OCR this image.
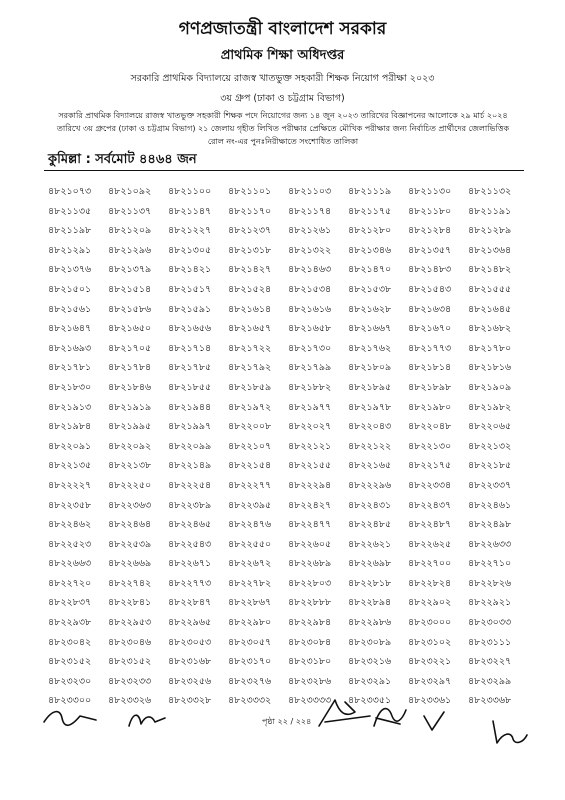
গণপ্রজাতন্ত্রী বাংলাদেশ সরকার
প্রাথমিক শিক্ষা অধিদপ্তর
সরকারি প্রাথমিক বিদ্যালয়ে রাজস্ব খাতভুক্ত সহকারী শিক্ষক নিয়োগ পরীক্ষা ২০২৩
৩য় গ্রুপ (ঢাকা ও চট্টগ্রাম বিভাগ)
সরকারি প্রাথমিক বিদ্যালয়ে রাজস্ব খাতভুক্ত সহকারী শিক্ষক পদে নিয়োগের জন্য ১৪ জুন ২০২৩ তারিখের বিজ্ঞাপনের আলোকে ২৯ মার্চ ২০২৪ তারিখে ৩য় গ্রুপের (ঢাকা ও চট্টগ্রাম বিভাগ) ২১ জেলায় গৃহীত লিখিত পরীক্ষার প্রেক্ষিতে মৌখিক পরীক্ষার জন্য নির্বাচিত প্রার্থীদের জেলাভিত্তিক রোল নং-এর পুনঃনিরীক্ষাতে সংশোধিত তালিকা
কুমিল্লা : সর্বমোট ৪৪৬৪ জন
৪৮২১০৭৩	৪৮২১০৯২	৪৮২১১০০	৪৮২১১০১	৪৮২১১০৩	৪৮২১১১৯	৪৮২১১৩০	৪৮২১১৩২
৪৮২১১৩৫	৪৮২১১৩৭	৪৮২১১৪৭	৪৮২১১৭০	৪৮২১১৭৪	৪৮২১১৭৫	৪৮২১১৮০	৪৮২১১৯১
৪৮২১১৯৮	৪৮২১২০৯	৪৮২১২২৭	৪৮২১২৩৭	৪৮২১২৬১	৪৮২১২৮০	৪৮২১২৮৪	৪৮২১২৮৯
৪৮২১২৯১	৪৮২১২৯৬	৪৮২১৩০৫	৪৮২১৩১৮	৪৮২১৩২২	৪৮২১৩৪৬	৪৮২১৩৫৭	৪৮২১৩৬৪
৪৮২১৩৭৬	৪৮২১৩৭৯	৪৮২১৪২১	৪৮২১৪২৭	৪৮২১৪৬৩	৪৮২১৪৭০	৪৮২১৪৮৩	৪৮২১৪৮২
৪৮২১৫০১	৪৮২১৫১৪	৪৮২১৫১৭	৪৮২১৫২৪	৪৮২১৫৩৪	৪৮২১৫৩৮	৪৮২১৫৪৩	৪৮২১৫৫৫
৪৮২১৫৬১	৪৮২১৫৮৬	৪৮২১৫৯১	৪৮২১৬১৪	৪৮২১৬১৬	৪৮২১৬২৮	৪৮২১৬৩৪	৪৮২১৬৪৫
৪৮২১৬৪৭	৪৮২১৬৫০	৪৮২১৬৫৬	৪৮২১৬৫৭	৪৮২১৬৫৮	৪৮২১৬৬৭	৪৮২১৬৭০	৪৮২১৬৮২
৪৮২১৬৯৩	৪৮২১৭০৫	৪৮২১৭১৪	৪৮২১৭২২	৪৮২১৭৩০	৪৮২১৭৬২	৪৮২১৭৭৩	৪৮২১৭৮০
৪৮২১৭৮১	৪৮২১৭৮৪	৪৮২১৭৮৫	৪৮২১৭৯২	৪৮২১৭৯৯	৪৮২১৮০৯	৪৮২১৮১৪	৪৮২১৮১৬
৪৮২১৮৩০	৪৮২১৮৪৬	৪৮২১৮৫৫	৪৮২১৮৫৯	৪৮২১৮৮২	৪৮২১৮৯৫	৪৮২১৮৯৮	৪৮২১৯০৯
৪৮২১৯১৩	৪৮২১৯১৯	৪৮২১৯৪৪	৪৮২১৯৭২	৪৮২১৯৭৭	৪৮২১৯৭৮	৪৮২১৯৮০	৪৮২১৯৮২
৪৮২১৯৮৪	৪৮২১৯৯৫	৪৮২১৯৯৭	৪৮২২০০৮	৪৮২২০২৭	৪৮২২০৪৩	৪৮২২০৪৮	৪৮২২০৬৫
৪৮২২০৯১	৪৮২২০৯২	৪৮২২০৯৯	৪৮২২১০৭	৪৮২২১২১	৪৮২২১২২	৪৮২২১৩০	৪৮২২১৩২
৪৮২২১৩৫	৪৮২২১৩৮	৪৮২২১৪৯	৪৮২২১৫৪	৪৮২২১৫৫	৪৮২২১৬৫	৪৮২২১৭৫	৪৮২২১৮৫
৪৮২২২২৭	৪৮২২২৫০	৪৮২২২৫৪	৪৮২২২৭৭	৪৮২২২৯৪	৪৮২২২৯৬	৪৮২২৩৩৪	৪৮২২৩৩৭
৪৮২২৩৫৮	৪৮২২৩৬৩	৪৮২২৩৮৯	৪৮২২৩৯৫	৪৮২২৪২৭	৪৮২২৪৩১	৪৮২২৪৩৭	৪৮২২৪৬১
৪৮২২৪৬২	৪৮২২৪৬৪	৪৮২২৪৬৫	৪৮২২৪৭৬	৪৮২২৪৭৭	৪৮২২৪৮৫	৪৮২২৪৮৭	৪৮২২৪৯৮
৪৮২২৫২৩	৪৮২২৫৩৯	৪৮২২৫৪৩	৪৮২২৫৫০	৪৮২২৬০৫	৪৮২২৬২১	৪৮২২৬২৫	৪৮২২৬৩৩
৪৮২২৬৬৩	৪৮২২৬৬৯	৪৮২২৬৭১	৪৮২২৬৭২	৪৮২২৬৮৯	৪৮২২৬৯৮	৪৮২২৭০০	৪৮২২৭১০
৪৮২২৭২০	৪৮২২৭৪২	৪৮২২৭৭৩	৪৮২২৭৮২	৪৮২২৮০৩	৪৮২২৮১৮	৪৮২২৮২৪	৪৮২২৮২৬
৪৮২২৮৩৭	৪৮২২৮৪১	৪৮২২৮৪৭	৪৮২২৮৬৭	৪৮২২৮৮৮	৪৮২২৮৯৪	৪৮২২৯০২	৪৮২২৯২১
৪৮২২৯৩৮	৪৮২২৯৫৩	৪৮২২৯৬৫	৪৮২২৯৮০	৪৮২২৯৮৪	৪৮২২৯৮৬	৪৮২৩০০০	৪৮২৩০৩৩
৪৮২৩০৪২	৪৮২৩০৪৬	৪৮২৩০৫৩	৪৮২৩০৫৭	৪৮২৩০৮৪	৪৮২৩০৮৯	৪৮২৩১০২	৪৮২৩১১১
৪৮২৩১৫২	৪৮২৩১৫২	৪৮২৩১৬৮	৪৮২৩১৭০	৪৮২৩১৮০	৪৮২৩২১৬	৪৮২৩২২১	৪৮২৩২২৭
৪৮২৩২৩০	৪৮২৩২৩৩	৪৮২৩২৫৬	৪৮২৩২৭৬	৪৮২৩২৮৬	৪৮২৩২৯১	৪৮২৩২৯৭	৪৮২৩২৯৯
৪৮২৩৩০০	৪৮২৩৩২৬	৪৮২৩৩২৮	৪৮২৩৩৩২	৪৮২৩৩৩৩	৪৮২৩৩৫১	৪৮২৩৩৬১	৪৮২৩৩৬৮
পৃষ্ঠা ২২ / ২২৪
